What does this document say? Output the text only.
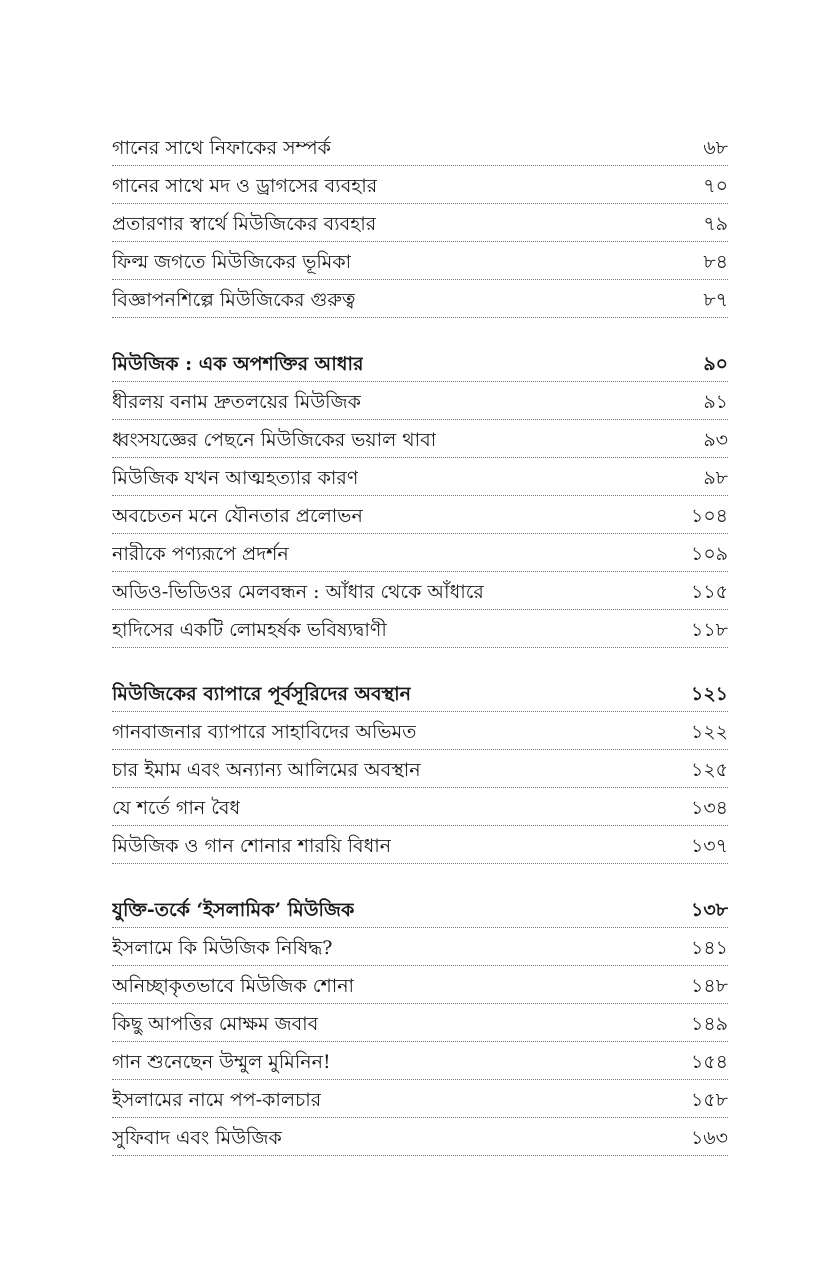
গানের সাথে নিফাকের সম্পর্ক	৬৮
গানের সাথে মদ ও ড্রাগসের ব্যবহার	৭০
প্রতারণার স্বার্থে মিউজিকের ব্যবহার	৭৯
ফিল্ম জগতে মিউজিকের ভূমিকা	৮৪
বিজ্ঞাপনশিল্পে মিউজিকের গুরুত্ব	৮৭
মিউজিক : এক অপশক্তির আধার	৯০
ধীরলয় বনাম দ্রুতলয়ের মিউজিক	৯১
ধ্বংসযজ্ঞের পেছনে মিউজিকের ভয়াল থাবা	৯৩
মিউজিক যখন আত্মহত্যার কারণ	৯৮
অবচেতন মনে যৌনতার প্রলোভন	১০৪
নারীকে পণ্যরূপে প্রদর্শন	১০৯
অডিও-ভিডিওর মেলবন্ধন : আঁধার থেকে আঁধারে	১১৫
হাদিসের একটি লোমহর্ষক ভবিষ্যদ্বাণী	১১৮
মিউজিকের ব্যাপারে পূর্বসূরিদের অবস্থান	১২১
গানবাজনার ব্যাপারে সাহাবিদের অভিমত	১২২
চার ইমাম এবং অন্যান্য আলিমের অবস্থান	১২৫
যে শর্তে গান বৈধ	১৩৪
মিউজিক ও গান শোনার শারয়ি বিধান	১৩৭
যুক্তি-তর্কে ‘ইসলামিক’ মিউজিক	১৩৮
ইসলামে কি মিউজিক নিষিদ্ধ?	১৪১
অনিচ্ছাকৃতভাবে মিউজিক শোনা	১৪৮
কিছু আপত্তির মোক্ষম জবাব	১৪৯
গান শুনেছেন উম্মুল মুমিনিন!	১৫৪
ইসলামের নামে পপ-কালচার	১৫৮
সুফিবাদ এবং মিউজিক	১৬৩
